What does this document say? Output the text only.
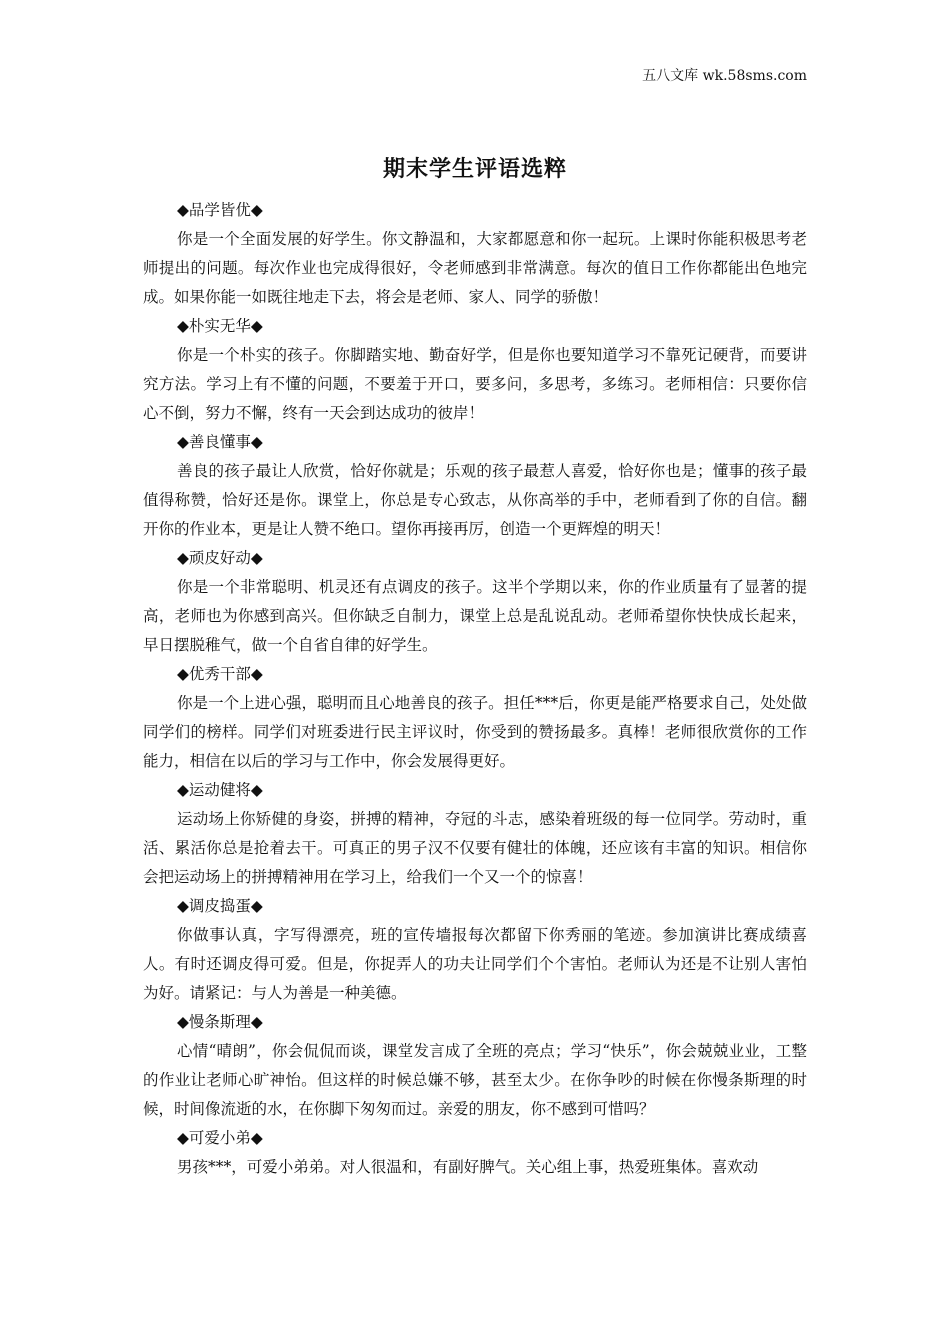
五八文库 wk.58sms.com
期末学生评语选粹
◆品学皆优◆
你是一个全面发展的好学生。你文静温和，大家都愿意和你一起玩。上课时你能积极思考老师提出的问题。每次作业也完成得很好，令老师感到非常满意。每次的值日工作你都能出色地完成。如果你能一如既往地走下去，将会是老师、家人、同学的骄傲！
◆朴实无华◆
你是一个朴实的孩子。你脚踏实地、勤奋好学，但是你也要知道学习不靠死记硬背，而要讲究方法。学习上有不懂的问题，不要羞于开口，要多问，多思考，多练习。老师相信：只要你信心不倒，努力不懈，终有一天会到达成功的彼岸！
◆善良懂事◆
善良的孩子最让人欣赏，恰好你就是；乐观的孩子最惹人喜爱，恰好你也是；懂事的孩子最值得称赞，恰好还是你。课堂上，你总是专心致志，从你高举的手中，老师看到了你的自信。翻开你的作业本，更是让人赞不绝口。望你再接再厉，创造一个更辉煌的明天！
◆顽皮好动◆
你是一个非常聪明、机灵还有点调皮的孩子。这半个学期以来，你的作业质量有了显著的提高，老师也为你感到高兴。但你缺乏自制力，课堂上总是乱说乱动。老师希望你快快成长起来，早日摆脱稚气，做一个自省自律的好学生。
◆优秀干部◆
你是一个上进心强，聪明而且心地善良的孩子。担任***后，你更是能严格要求自己，处处做同学们的榜样。同学们对班委进行民主评议时，你受到的赞扬最多。真棒！老师很欣赏你的工作能力，相信在以后的学习与工作中，你会发展得更好。
◆运动健将◆
运动场上你矫健的身姿，拼搏的精神，夺冠的斗志，感染着班级的每一位同学。劳动时，重活、累活你总是抢着去干。可真正的男子汉不仅要有健壮的体魄，还应该有丰富的知识。相信你会把运动场上的拼搏精神用在学习上，给我们一个又一个的惊喜！
◆调皮捣蛋◆
你做事认真，字写得漂亮，班的宣传墙报每次都留下你秀丽的笔迹。参加演讲比赛成绩喜人。有时还调皮得可爱。但是，你捉弄人的功夫让同学们个个害怕。老师认为还是不让别人害怕为好。请紧记：与人为善是一种美德。
◆慢条斯理◆
心情“晴朗”，你会侃侃而谈，课堂发言成了全班的亮点；学习“快乐”，你会兢兢业业，工整的作业让老师心旷神怡。但这样的时候总嫌不够，甚至太少。在你争吵的时候在你慢条斯理的时候，时间像流逝的水，在你脚下匆匆而过。亲爱的朋友，你不感到可惜吗？
◆可爱小弟◆
男孩***，可爱小弟弟。对人很温和，有副好脾气。关心组上事，热爱班集体。喜欢动
